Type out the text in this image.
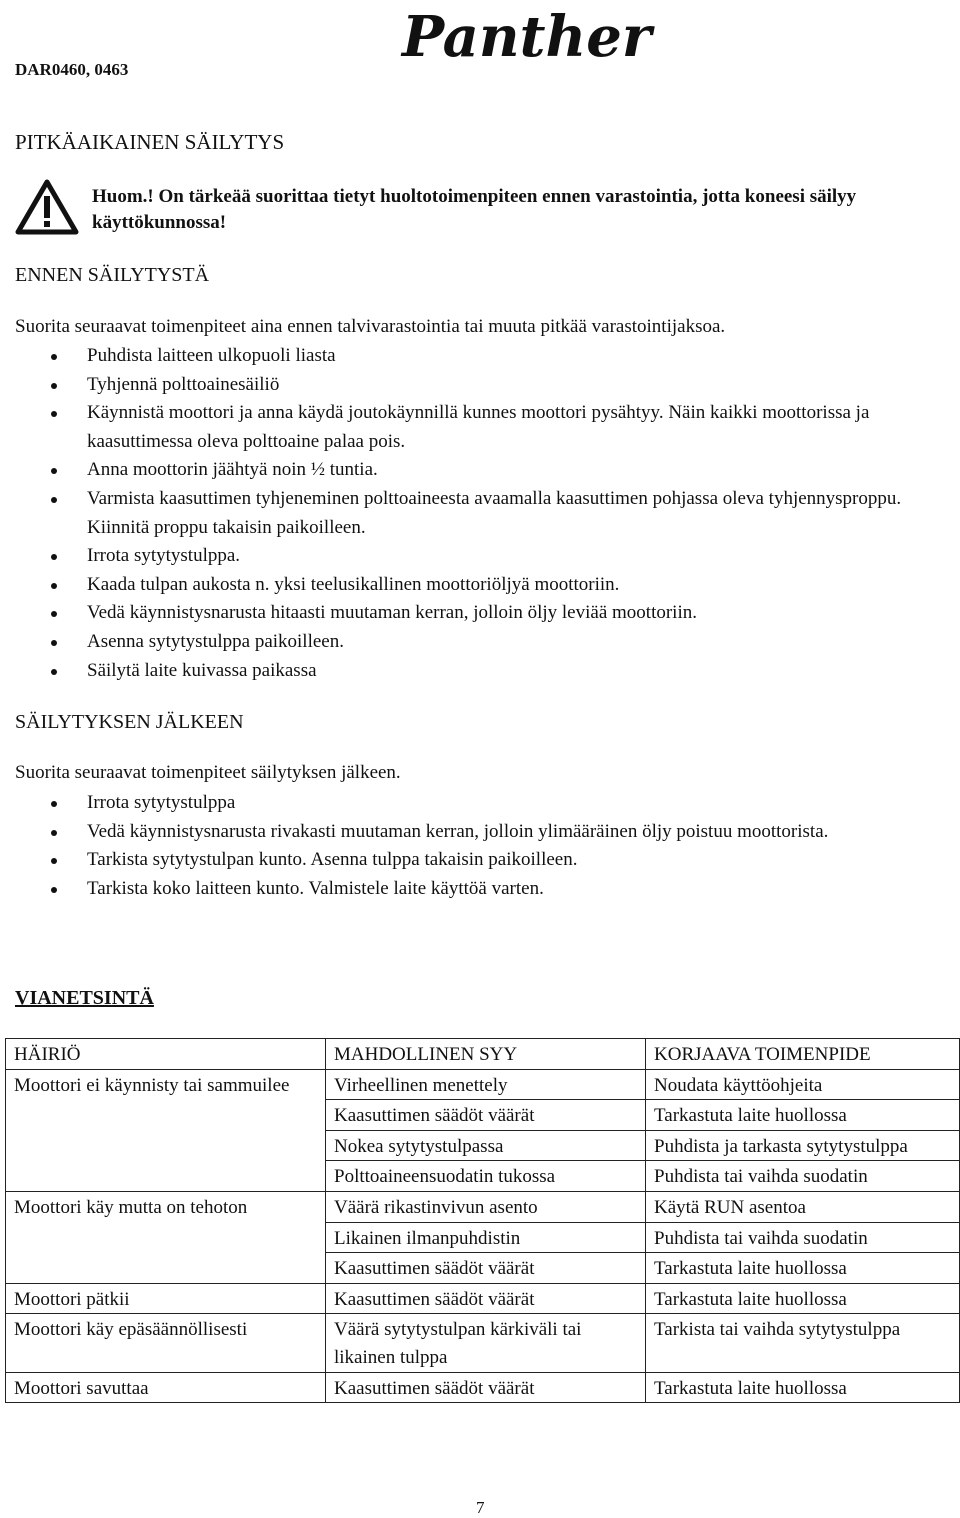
DAR0460, 0463	Panther
PITKÄAIKAINEN SÄILYTYS
Huom.! On tärkeää suorittaa tietyt huoltotoimenpiteen ennen varastointia, jotta koneesi säilyy käyttökunnossa!
ENNEN SÄILYTYSTÄ
Suorita seuraavat toimenpiteet aina ennen talvivarastointia tai muuta pitkää varastointijaksoa.
Puhdista laitteen ulkopuoli liasta
Tyhjennä polttoainesäiliö
Käynnistä moottori ja anna käydä joutokäynnillä kunnes moottori pysähtyy. Näin kaikki moottorissa ja kaasuttimessa oleva polttoaine palaa pois.
Anna moottorin jäähtyä noin ½ tuntia.
Varmista kaasuttimen tyhjeneminen polttoaineesta avaamalla kaasuttimen pohjassa oleva tyhjennysproppu. Kiinnitä proppu takaisin paikoilleen.
Irrota sytytystulppa.
Kaada tulpan aukosta n. yksi teelusikallinen moottoriöljyä moottoriin.
Vedä käynnistysnarusta hitaasti muutaman kerran, jolloin öljy leviää moottoriin.
Asenna sytytystulppa paikoilleen.
Säilytä laite kuivassa paikassa
SÄILYTYKSEN JÄLKEEN
Suorita seuraavat toimenpiteet säilytyksen jälkeen.
Irrota sytytystulppa
Vedä käynnistysnarusta rivakasti muutaman kerran, jolloin ylimääräinen öljy poistuu moottorista.
Tarkista sytytystulpan kunto. Asenna tulppa takaisin paikoilleen.
Tarkista koko laitteen kunto. Valmistele laite käyttöä varten.
VIANETSINTÄ
HÄIRIÖ	MAHDOLLINEN SYY	KORJAAVA TOIMENPIDE
Moottori ei käynnisty tai sammuilee	Virheellinen menettely	Noudata käyttöohjeita
	Kaasuttimen säädöt väärät	Tarkastuta laite huollossa
	Nokea sytytystulpassa	Puhdista ja tarkasta sytytystulppa
	Polttoaineensuodatin tukossa	Puhdista tai vaihda suodatin
Moottori käy mutta on tehoton	Väärä rikastinvivun asento	Käytä RUN asentoa
	Likainen ilmanpuhdistin	Puhdista tai vaihda suodatin
	Kaasuttimen säädöt väärät	Tarkastuta laite huollossa
Moottori pätkii	Kaasuttimen säädöt väärät	Tarkastuta laite huollossa
Moottori käy epäsäännöllisesti	Väärä sytytystulpan kärkiväli tai likainen tulppa	Tarkista tai vaihda sytytystulppa
Moottori savuttaa	Kaasuttimen säädöt väärät	Tarkastuta laite huollossa
7
